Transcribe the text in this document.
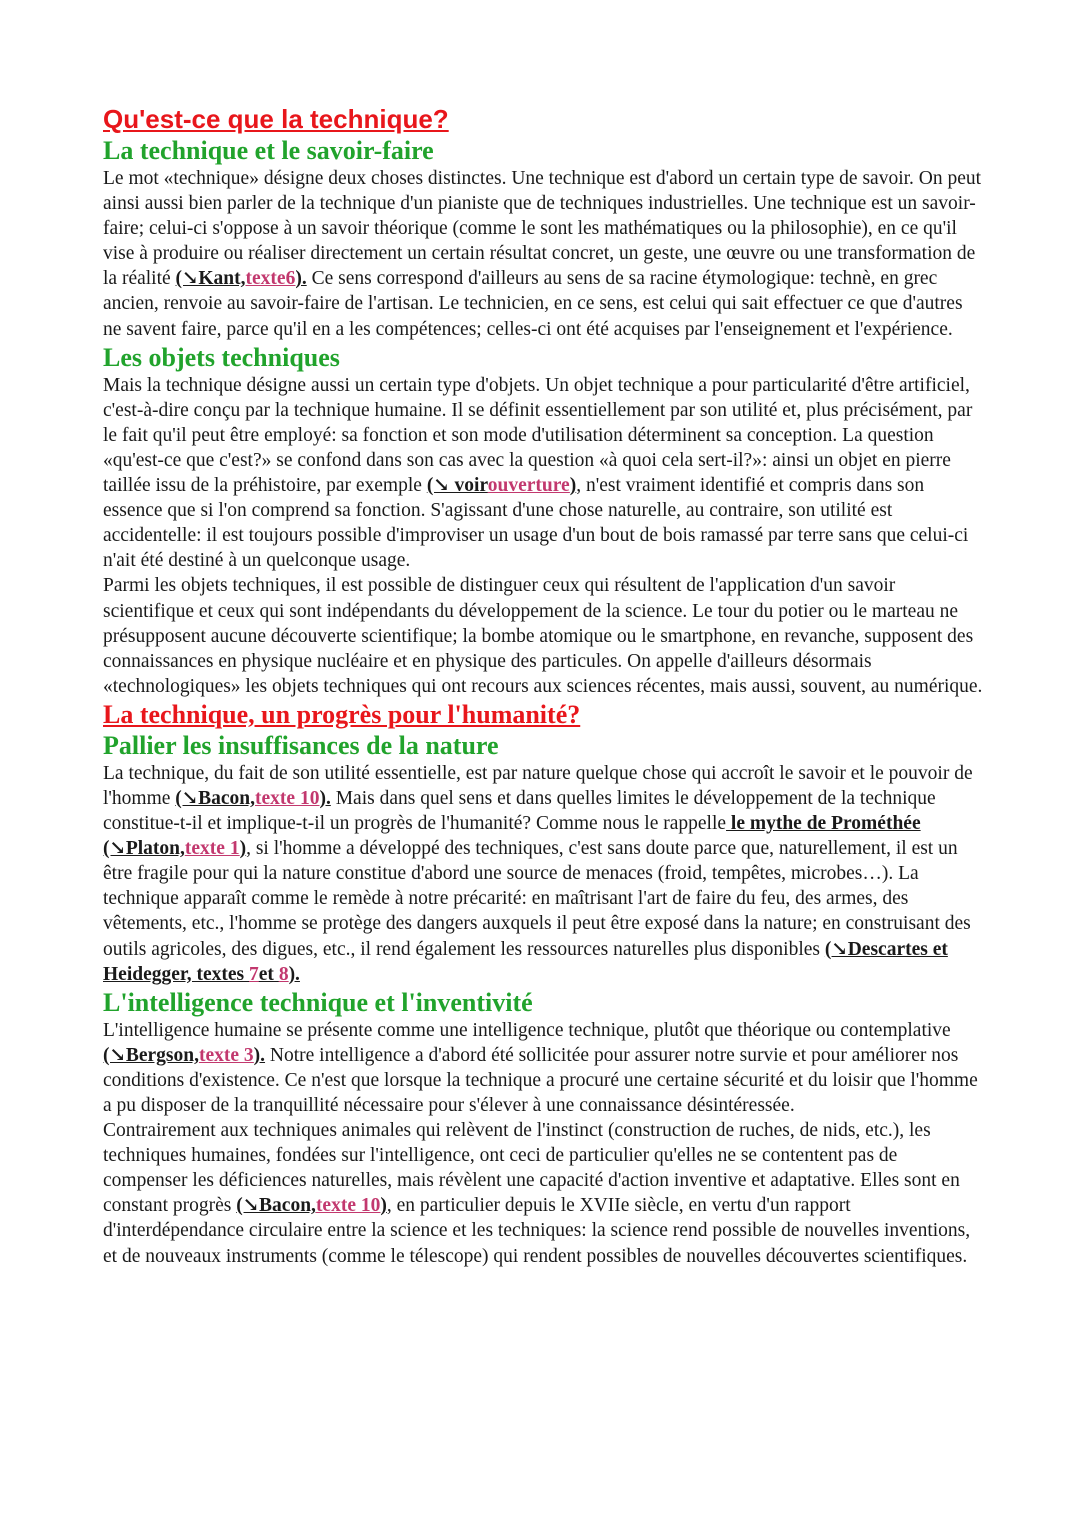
Qu'est-ce que la technique?
La technique et le savoir-faire

Le mot «technique» désigne deux choses distinctes. Une technique est d'abord un certain type de savoir. On peut ainsi aussi bien parler de la technique d'un pianiste que de techniques industrielles. Une technique est un savoir-faire; celui-ci s'oppose à un savoir théorique (comme le sont les mathématiques ou la philosophie), en ce qu'il vise à produire ou réaliser directement un certain résultat concret, un geste, une œuvre ou une transformation de la réalité (↘Kant,texte6). Ce sens correspond d'ailleurs au sens de sa racine étymologique: technè, en grec ancien, renvoie au savoir-faire de l'artisan. Le technicien, en ce sens, est celui qui sait effectuer ce que d'autres ne savent faire, parce qu'il en a les compétences; celles-ci ont été acquises par l'enseignement et l'expérience.

Les objets techniques

Mais la technique désigne aussi un certain type d'objets. Un objet technique a pour particularité d'être artificiel, c'est-à-dire conçu par la technique humaine. Il se définit essentiellement par son utilité et, plus précisément, par le fait qu'il peut être employé: sa fonction et son mode d'utilisation déterminent sa conception. La question «qu'est-ce que c'est?» se confond dans son cas avec la question «à quoi cela sert-il?»: ainsi un objet en pierre taillée issu de la préhistoire, par exemple (↘ voirouverture), n'est vraiment identifié et compris dans son essence que si l'on comprend sa fonction. S'agissant d'une chose naturelle, au contraire, son utilité est accidentelle: il est toujours possible d'improviser un usage d'un bout de bois ramassé par terre sans que celui-ci n'ait été destiné à un quelconque usage.

Parmi les objets techniques, il est possible de distinguer ceux qui résultent de l'application d'un savoir scientifique et ceux qui sont indépendants du développement de la science. Le tour du potier ou le marteau ne présupposent aucune découverte scientifique; la bombe atomique ou le smartphone, en revanche, supposent des connaissances en physique nucléaire et en physique des particules. On appelle d'ailleurs désormais «technologiques» les objets techniques qui ont recours aux sciences récentes, mais aussi, souvent, au numérique.

La technique, un progrès pour l'humanité?
Pallier les insuffisances de la nature

La technique, du fait de son utilité essentielle, est par nature quelque chose qui accroît le savoir et le pouvoir de l'homme (↘Bacon,texte 10). Mais dans quel sens et dans quelles limites le développement de la technique constitue-t-il et implique-t-il un progrès de l'humanité? Comme nous le rappelle le mythe de Prométhée (↘Platon,texte 1), si l'homme a développé des techniques, c'est sans doute parce que, naturellement, il est un être fragile pour qui la nature constitue d'abord une source de menaces (froid, tempêtes, microbes…). La technique apparaît comme le remède à notre précarité: en maîtrisant l'art de faire du feu, des armes, des vêtements, etc., l'homme se protège des dangers auxquels il peut être exposé dans la nature; en construisant des outils agricoles, des digues, etc., il rend également les ressources naturelles plus disponibles (↘Descartes et Heidegger, textes 7et 8).

L'intelligence technique et l'inventivité

L'intelligence humaine se présente comme une intelligence technique, plutôt que théorique ou contemplative (↘Bergson,texte 3). Notre intelligence a d'abord été sollicitée pour assurer notre survie et pour améliorer nos conditions d'existence. Ce n'est que lorsque la technique a procuré une certaine sécurité et du loisir que l'homme a pu disposer de la tranquillité nécessaire pour s'élever à une connaissance désintéressée.

Contrairement aux techniques animales qui relèvent de l'instinct (construction de ruches, de nids, etc.), les techniques humaines, fondées sur l'intelligence, ont ceci de particulier qu'elles ne se contentent pas de compenser les déficiences naturelles, mais révèlent une capacité d'action inventive et adaptative. Elles sont en constant progrès (↘Bacon,texte 10), en particulier depuis le XVIIe siècle, en vertu d'un rapport d'interdépendance circulaire entre la science et les techniques: la science rend possible de nouvelles inventions, et de nouveaux instruments (comme le télescope) qui rendent possibles de nouvelles découvertes scientifiques.
